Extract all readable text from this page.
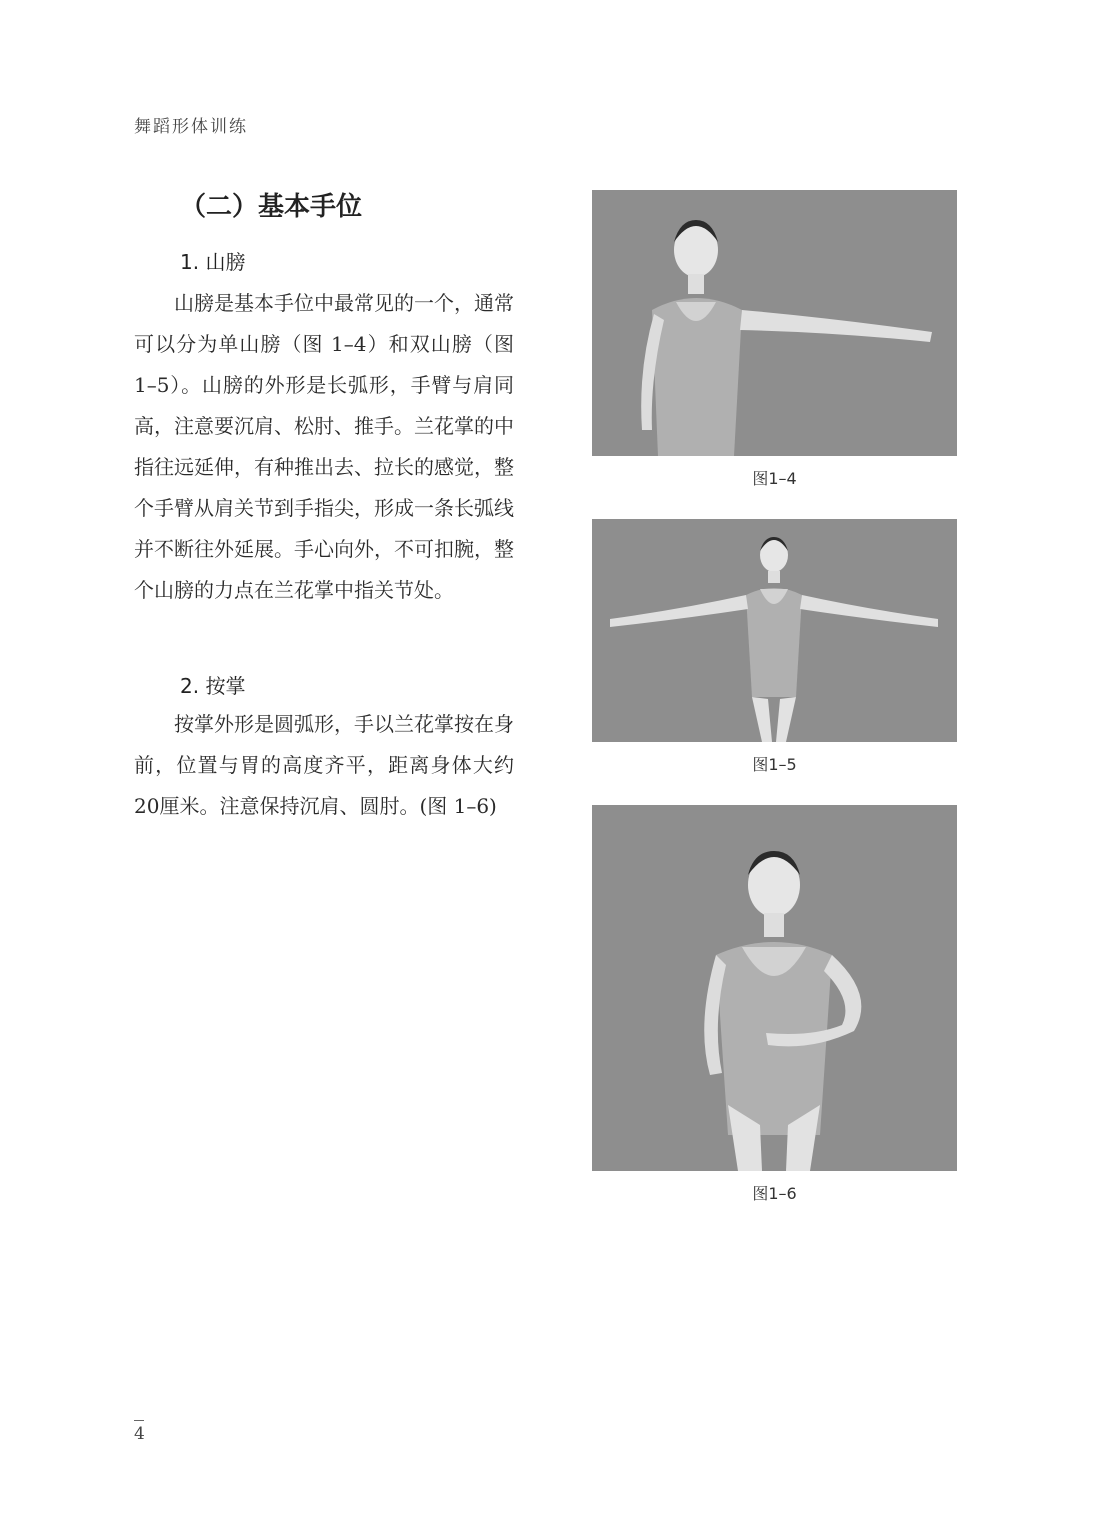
舞蹈形体训练
（二）基本手位
1. 山膀

山膀是基本手位中最常见的一个，通常可以分为单山膀（图 1–4）和双山膀（图 1–5）。山膀的外形是长弧形，手臂与肩同高，注意要沉肩、松肘、推手。兰花掌的中指往远延伸，有种推出去、拉长的感觉，整个手臂从肩关节到手指尖，形成一条长弧线并不断往外延展。手心向外，不可扣腕，整个山膀的力点在兰花掌中指关节处。

2. 按掌

按掌外形是圆弧形，手以兰花掌按在身前，位置与胃的高度齐平，距离身体大约20厘米。注意保持沉肩、圆肘。(图 1–6)

图1–4
图1–5
图1–6
4
